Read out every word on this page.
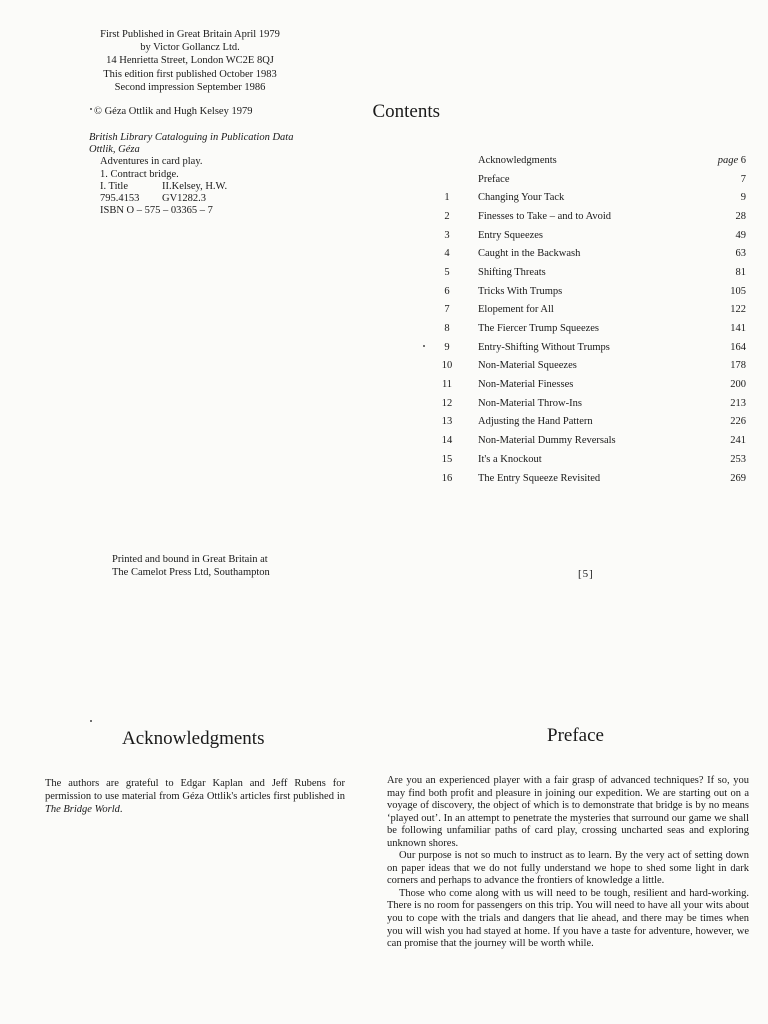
First Published in Great Britain April 1979
by Victor Gollancz Ltd.
14 Henrietta Street, London WC2E 8QJ
This edition first published October 1983
Second impression September 1986
© Géza Ottlik and Hugh Kelsey 1979
British Library Cataloguing in Publication Data
Ottlik, Géza
Adventures in card play.
1. Contract bridge.
I. Title	II.Kelsey, H.W.
795.4153	GV1282.3
ISBN O – 575 – 03365 – 7
Printed and bound in Great Britain at
The Camelot Press Ltd, Southampton
Contents
Acknowledgments	page 6
Preface	7
1	Changing Your Tack	9
2	Finesses to Take – and to Avoid	28
3	Entry Squeezes	49
4	Caught in the Backwash	63
5	Shifting Threats	81
6	Tricks With Trumps	105
7	Elopement for All	122
8	The Fiercer Trump Squeezes	141
9	Entry-Shifting Without Trumps	164
10	Non-Material Squeezes	178
11	Non-Material Finesses	200
12	Non-Material Throw-Ins	213
13	Adjusting the Hand Pattern	226
14	Non-Material Dummy Reversals	241
15	It's a Knockout	253
16	The Entry Squeeze Revisited	269
[5]
Acknowledgments

The authors are grateful to Edgar Kaplan and Jeff Rubens for permission to use material from Géza Ottlik's articles first published in The Bridge World.

Preface

Are you an experienced player with a fair grasp of advanced techniques? If so, you may find both profit and pleasure in joining our expedition. We are starting out on a voyage of discovery, the object of which is to demonstrate that bridge is by no means ‘played out’. In an attempt to penetrate the mysteries that surround our game we shall be following unfamiliar paths of card play, crossing uncharted seas and exploring unknown shores.

Our purpose is not so much to instruct as to learn. By the very act of setting down on paper ideas that we do not fully understand we hope to shed some light in dark corners and perhaps to advance the frontiers of knowledge a little.

Those who come along with us will need to be tough, resilient and hard-working. There is no room for passengers on this trip. You will need to have all your wits about you to cope with the trials and dangers that lie ahead, and there may be times when you will wish you had stayed at home. If you have a taste for adventure, however, we can promise that the journey will be worth while.
